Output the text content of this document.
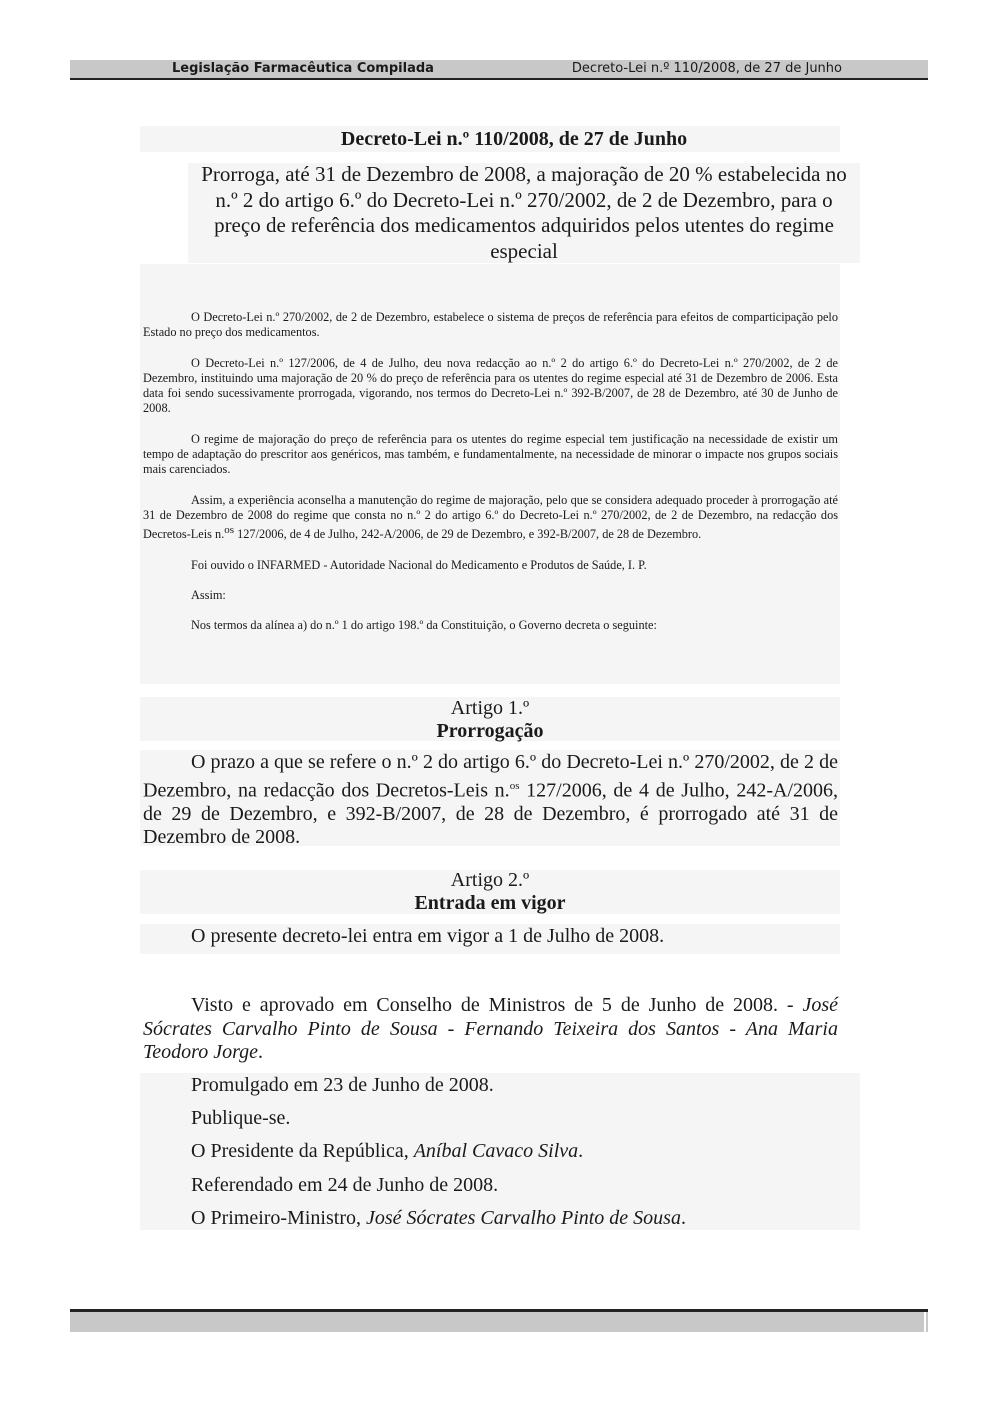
Legislação Farmacêutica Compilada	Decreto-Lei n.º 110/2008, de 27 de Junho
Decreto-Lei n.º 110/2008, de 27 de Junho
Prorroga, até 31 de Dezembro de 2008, a majoração de 20 % estabelecida no n.º 2 do artigo 6.º do Decreto-Lei n.º 270/2002, de 2 de Dezembro, para o preço de referência dos medicamentos adquiridos pelos utentes do regime especial

O Decreto-Lei n.º 270/2002, de 2 de Dezembro, estabelece o sistema de preços de referência para efeitos de comparticipação pelo Estado no preço dos medicamentos.

O Decreto-Lei n.º 127/2006, de 4 de Julho, deu nova redacção ao n.º 2 do artigo 6.º do Decreto-Lei n.º 270/2002, de 2 de Dezembro, instituindo uma majoração de 20 % do preço de referência para os utentes do regime especial até 31 de Dezembro de 2006. Esta data foi sendo sucessivamente prorrogada, vigorando, nos termos do Decreto-Lei n.º 392-B/2007, de 28 de Dezembro, até 30 de Junho de 2008.

O regime de majoração do preço de referência para os utentes do regime especial tem justificação na necessidade de existir um tempo de adaptação do prescritor aos genéricos, mas também, e fundamentalmente, na necessidade de minorar o impacte nos grupos sociais mais carenciados.

Assim, a experiência aconselha a manutenção do regime de majoração, pelo que se considera adequado proceder à prorrogação até 31 de Dezembro de 2008 do regime que consta no n.º 2 do artigo 6.º do Decreto-Lei n.º 270/2002, de 2 de Dezembro, na redacção dos Decretos-Leis n.$^{os}$ 127/2006, de 4 de Julho, 242-A/2006, de 29 de Dezembro, e 392-B/2007, de 28 de Dezembro.

Foi ouvido o INFARMED - Autoridade Nacional do Medicamento e Produtos de Saúde, I. P.

Assim:

Nos termos da alínea a) do n.º 1 do artigo 198.º da Constituição, o Governo decreta o seguinte:

Artigo 1.º
Prorrogação
O prazo a que se refere o n.º 2 do artigo 6.º do Decreto-Lei n.º 270/2002, de 2 de Dezembro, na redacção dos Decretos-Leis n.$^{os}$ 127/2006, de 4 de Julho, 242-A/2006, de 29 de Dezembro, e 392-B/2007, de 28 de Dezembro, é prorrogado até 31 de Dezembro de 2008.
Artigo 2.º
Entrada em vigor
O presente decreto-lei entra em vigor a 1 de Julho de 2008.
Visto e aprovado em Conselho de Ministros de 5 de Junho de 2008. - José Sócrates Carvalho Pinto de Sousa - Fernando Teixeira dos Santos - Ana Maria Teodoro Jorge.
Promulgado em 23 de Junho de 2008.
Publique-se.
O Presidente da República, Aníbal Cavaco Silva.
Referendado em 24 de Junho de 2008.
O Primeiro-Ministro, José Sócrates Carvalho Pinto de Sousa.
